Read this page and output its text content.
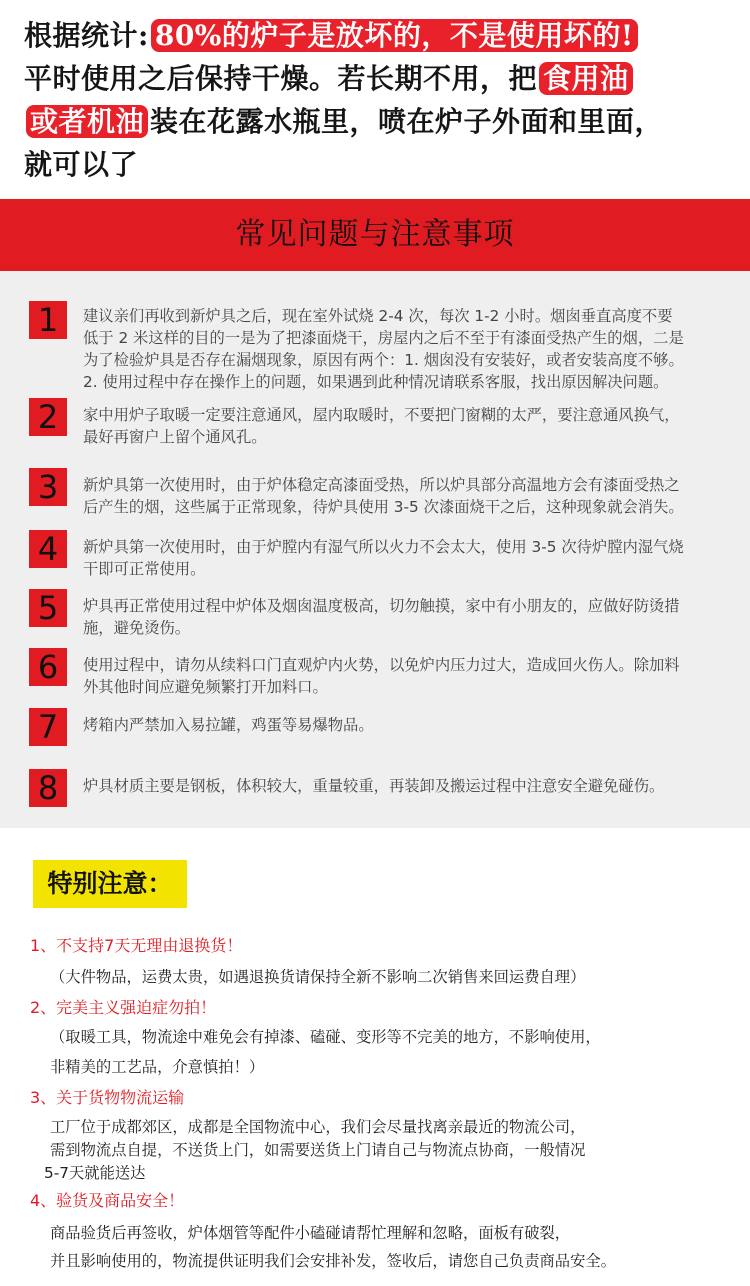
根据统计: 80%的炉子是放坏的，不是使用坏的!
平时使用之后保持干燥。若长期不用，把 食用油
或者机油 装在花露水瓶里，喷在炉子外面和里面，
就可以了
常见问题与注意事项
1	建议亲们再收到新炉具之后，现在室外试烧 2-4 次，每次 1-2 小时。烟囱垂直高度不要
低于 2 米这样的目的一是为了把漆面烧干，房屋内之后不至于有漆面受热产生的烟，二是
为了检验炉具是否存在漏烟现象，原因有两个：1. 烟囱没有安装好，或者安装高度不够。
2. 使用过程中存在操作上的问题，如果遇到此种情况请联系客服，找出原因解决问题。
2	家中用炉子取暖一定要注意通风，屋内取暖时，不要把门窗糊的太严，要注意通风换气，
最好再窗户上留个通风孔。
3	新炉具第一次使用时，由于炉体稳定高漆面受热，所以炉具部分高温地方会有漆面受热之
后产生的烟，这些属于正常现象，待炉具使用 3-5 次漆面烧干之后，这种现象就会消失。
4	新炉具第一次使用时，由于炉膛内有湿气所以火力不会太大，使用 3-5 次待炉膛内湿气烧
干即可正常使用。
5	炉具再正常使用过程中炉体及烟囱温度极高，切勿触摸，家中有小朋友的，应做好防烫措
施，避免烫伤。
6	使用过程中，请勿从续料口门直观炉内火势，以免炉内压力过大，造成回火伤人。除加料
外其他时间应避免频繁打开加料口。
7	烤箱内严禁加入易拉罐，鸡蛋等易爆物品。
8	炉具材质主要是钢板，体积较大，重量较重，再装卸及搬运过程中注意安全避免碰伤。
特别注意：
1、不支持7天无理由退换货！
（大件物品，运费太贵，如遇退换货请保持全新不影响二次销售来回运费自理）
2、完美主义强迫症勿拍！
（取暖工具，物流途中难免会有掉漆、磕碰、变形等不完美的地方，不影响使用，
非精美的工艺品，介意慎拍！）
3、关于货物物流运输
工厂位于成都郊区，成都是全国物流中心，我们会尽量找离亲最近的物流公司，
需到物流点自提，不送货上门，如需要送货上门请自己与物流点协商，一般情况
5-7天就能送达
4、验货及商品安全！
商品验货后再签收，炉体烟管等配件小磕碰请帮忙理解和忽略，面板有破裂，
并且影响使用的，物流提供证明我们会安排补发，签收后，请您自己负责商品安全。
